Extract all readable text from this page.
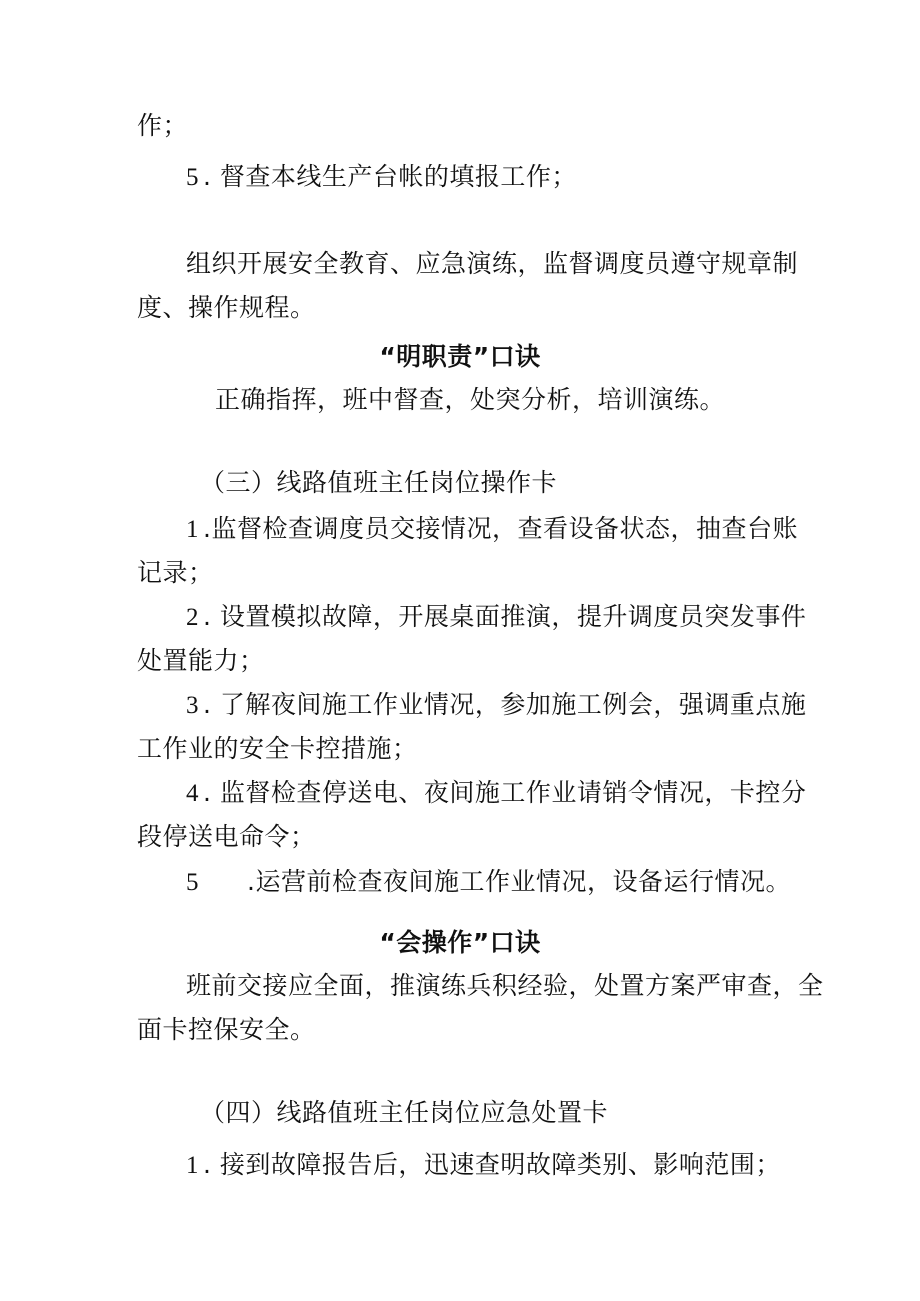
作；
5 . 督查本线生产台帐的填报工作；
组织开展安全教育、应急演练，监督调度员遵守规章制
度、操作规程。
“明职责”口诀
正确指挥，班中督查，处突分析，培训演练。
（三）线路值班主任岗位操作卡
1 .监督检查调度员交接情况，查看设备状态，抽查台账
记录；
2 . 设置模拟故障，开展桌面推演，提升调度员突发事件
处置能力；
3 . 了解夜间施工作业情况，参加施工例会，强调重点施
工作业的安全卡控措施；
4 . 监督检查停送电、夜间施工作业请销令情况，卡控分
段停送电命令；
5 .运营前检查夜间施工作业情况，设备运行情况。
“会操作”口诀
班前交接应全面，推演练兵积经验，处置方案严审查，全
面卡控保安全。
（四）线路值班主任岗位应急处置卡
1 . 接到故障报告后，迅速查明故障类别、影响范围；
